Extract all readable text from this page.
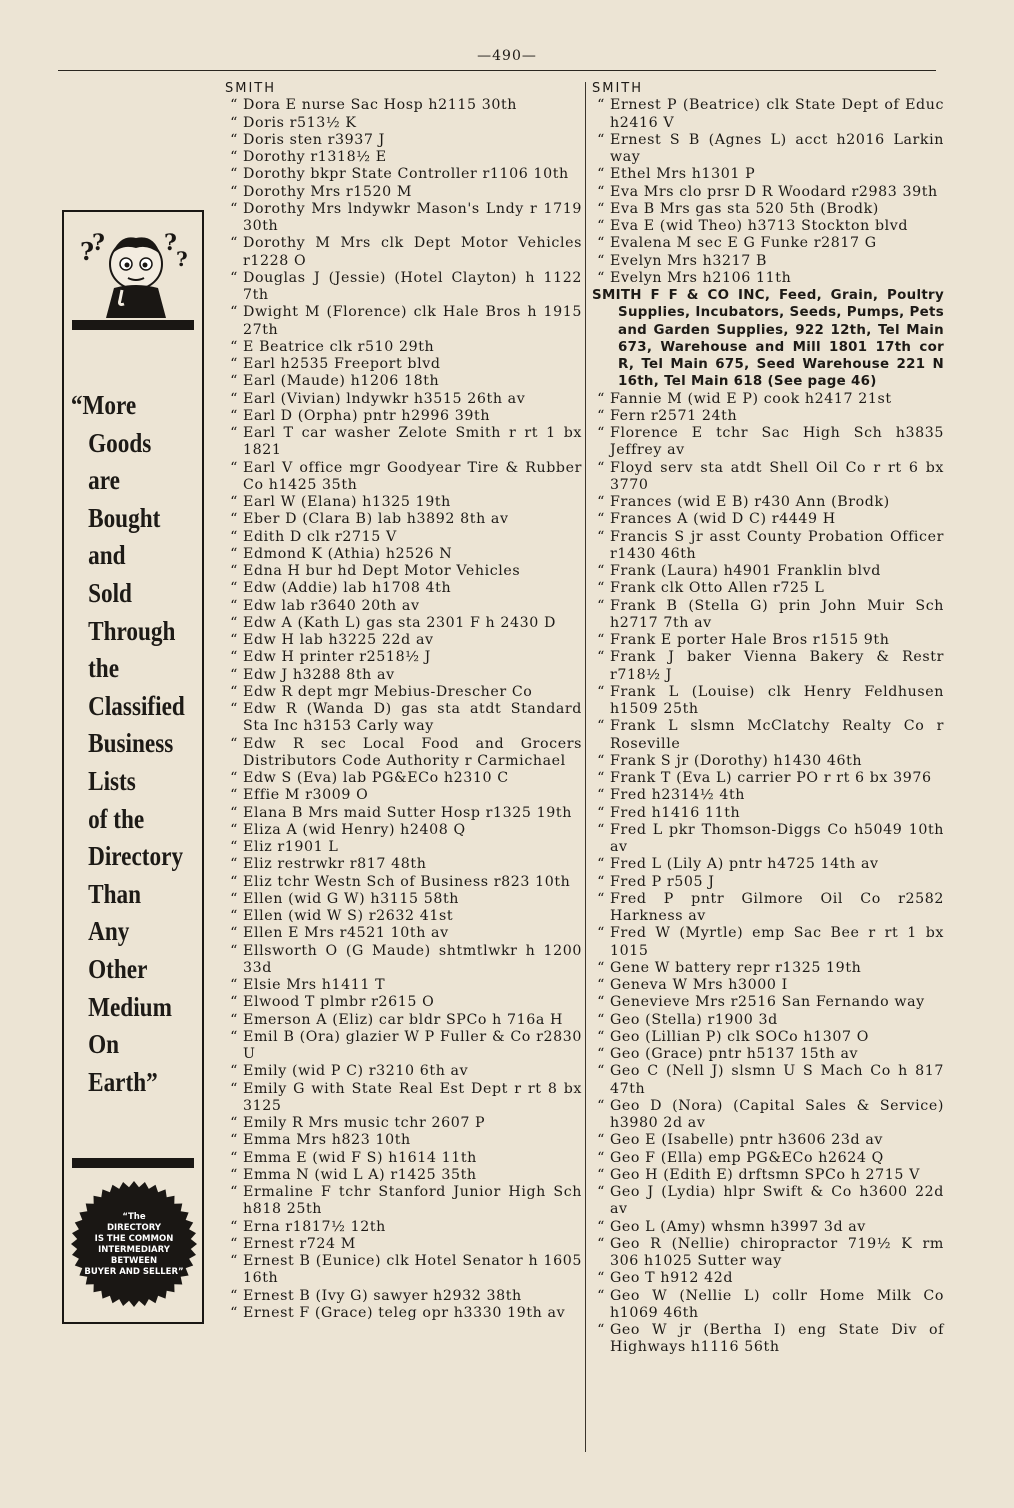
—490—
?
?	?
?
“More
Goods
are
Bought
and
Sold
Through
the
Classified
Business
Lists
of the
Directory
Than
Any
Other
Medium
On
Earth”
“The
DIRECTORY
IS THE COMMON
INTERMEDIARY
BETWEEN
BUYER AND SELLER”
SMITH
“ Dora E nurse Sac Hosp h2115 30th
“ Doris r513½ K
“ Doris sten r3937 J
“ Dorothy r1318½ E
“ Dorothy bkpr State Controller r1106 10th
“ Dorothy Mrs r1520 M
“ Dorothy Mrs lndywkr Mason's Lndy r 1719 30th
“ Dorothy M Mrs clk Dept Motor Vehicles r1228 O
“ Douglas J (Jessie) (Hotel Clayton) h 1122 7th
“ Dwight M (Florence) clk Hale Bros h 1915 27th
“ E Beatrice clk r510 29th
“ Earl h2535 Freeport blvd
“ Earl (Maude) h1206 18th
“ Earl (Vivian) lndywkr h3515 26th av
“ Earl D (Orpha) pntr h2996 39th
“ Earl T car washer Zelote Smith r rt 1 bx 1821
“ Earl V office mgr Goodyear Tire & Rubber Co h1425 35th
“ Earl W (Elana) h1325 19th
“ Eber D (Clara B) lab h3892 8th av
“ Edith D clk r2715 V
“ Edmond K (Athia) h2526 N
“ Edna H bur hd Dept Motor Vehicles
“ Edw (Addie) lab h1708 4th
“ Edw lab r3640 20th av
“ Edw A (Kath L) gas sta 2301 F h 2430 D
“ Edw H lab h3225 22d av
“ Edw H printer r2518½ J
“ Edw J h3288 8th av
“ Edw R dept mgr Mebius-Drescher Co
“ Edw R (Wanda D) gas sta atdt Standard Sta Inc h3153 Carly way
“ Edw R sec Local Food and Grocers Distributors Code Authority r Carmichael
“ Edw S (Eva) lab PG&ECo h2310 C
“ Effie M r3009 O
“ Elana B Mrs maid Sutter Hosp r1325 19th
“ Eliza A (wid Henry) h2408 Q
“ Eliz r1901 L
“ Eliz restrwkr r817 48th
“ Eliz tchr Westn Sch of Business r823 10th
“ Ellen (wid G W) h3115 58th
“ Ellen (wid W S) r2632 41st
“ Ellen E Mrs r4521 10th av
“ Ellsworth O (G Maude) shtmtlwkr h 1200 33d
“ Elsie Mrs h1411 T
“ Elwood T plmbr r2615 O
“ Emerson A (Eliz) car bldr SPCo h 716a H
“ Emil B (Ora) glazier W P Fuller & Co r2830 U
“ Emily (wid P C) r3210 6th av
“ Emily G with State Real Est Dept r rt 8 bx 3125
“ Emily R Mrs music tchr 2607 P
“ Emma Mrs h823 10th
“ Emma E (wid F S) h1614 11th
“ Emma N (wid L A) r1425 35th
“ Ermaline F tchr Stanford Junior High Sch h818 25th
“ Erna r1817½ 12th
“ Ernest r724 M
“ Ernest B (Eunice) clk Hotel Senator h 1605 16th
“ Ernest B (Ivy G) sawyer h2932 38th
“ Ernest F (Grace) teleg opr h3330 19th av
SMITH
“ Ernest P (Beatrice) clk State Dept of Educ h2416 V
“ Ernest S B (Agnes L) acct h2016 Larkin way
“ Ethel Mrs h1301 P
“ Eva Mrs clo prsr D R Woodard r2983 39th
“ Eva B Mrs gas sta 520 5th (Brodk)
“ Eva E (wid Theo) h3713 Stockton blvd
“ Evalena M sec E G Funke r2817 G
“ Evelyn Mrs h3217 B
“ Evelyn Mrs h2106 11th
SMITH F F & CO INC, Feed, Grain, Poultry Supplies, Incubators, Seeds, Pumps, Pets and Garden Supplies, 922 12th, Tel Main 673, Warehouse and Mill 1801 17th cor R, Tel Main 675, Seed Warehouse 221 N 16th, Tel Main 618 (See page 46)
“ Fannie M (wid E P) cook h2417 21st
“ Fern r2571 24th
“ Florence E tchr Sac High Sch h3835 Jeffrey av
“ Floyd serv sta atdt Shell Oil Co r rt 6 bx 3770
“ Frances (wid E B) r430 Ann (Brodk)
“ Frances A (wid D C) r4449 H
“ Francis S jr asst County Probation Officer r1430 46th
“ Frank (Laura) h4901 Franklin blvd
“ Frank clk Otto Allen r725 L
“ Frank B (Stella G) prin John Muir Sch h2717 7th av
“ Frank E porter Hale Bros r1515 9th
“ Frank J baker Vienna Bakery & Restr r718½ J
“ Frank L (Louise) clk Henry Feldhusen h1509 25th
“ Frank L slsmn McClatchy Realty Co r Roseville
“ Frank S jr (Dorothy) h1430 46th
“ Frank T (Eva L) carrier PO r rt 6 bx 3976
“ Fred h2314½ 4th
“ Fred h1416 11th
“ Fred L pkr Thomson-Diggs Co h5049 10th av
“ Fred L (Lily A) pntr h4725 14th av
“ Fred P r505 J
“ Fred P pntr Gilmore Oil Co r2582 Harkness av
“ Fred W (Myrtle) emp Sac Bee r rt 1 bx 1015
“ Gene W battery repr r1325 19th
“ Geneva W Mrs h3000 I
“ Genevieve Mrs r2516 San Fernando way
“ Geo (Stella) r1900 3d
“ Geo (Lillian P) clk SOCo h1307 O
“ Geo (Grace) pntr h5137 15th av
“ Geo C (Nell J) slsmn U S Mach Co h 817 47th
“ Geo D (Nora) (Capital Sales & Service) h3980 2d av
“ Geo E (Isabelle) pntr h3606 23d av
“ Geo F (Ella) emp PG&ECo h2624 Q
“ Geo H (Edith E) drftsmn SPCo h 2715 V
“ Geo J (Lydia) hlpr Swift & Co h3600 22d av
“ Geo L (Amy) whsmn h3997 3d av
“ Geo R (Nellie) chiropractor 719½ K rm 306 h1025 Sutter way
“ Geo T h912 42d
“ Geo W (Nellie L) collr Home Milk Co h1069 46th
“ Geo W jr (Bertha I) eng State Div of Highways h1116 56th
